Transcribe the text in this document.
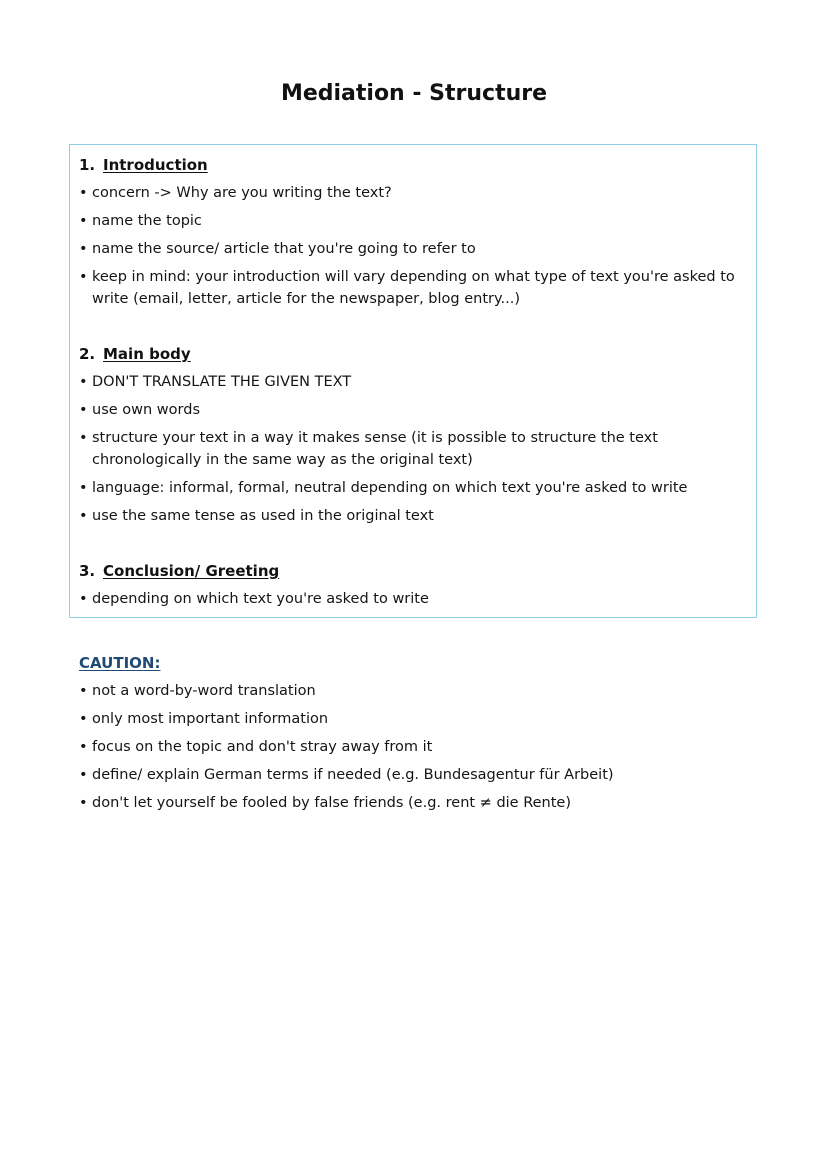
Mediation - Structure
1. Introduction
• concern -> Why are you writing the text?
• name the topic
• name the source/ article that you're going to refer to
• keep in mind: your introduction will vary depending on what type of text you're asked to write (email, letter, article for the newspaper, blog entry...)
2. Main body
• DON'T TRANSLATE THE GIVEN TEXT
• use own words
• structure your text in a way it makes sense (it is possible to structure the text chronologically in the same way as the original text)
• language: informal, formal, neutral depending on which text you're asked to write
• use the same tense as used in the original text
3. Conclusion/ Greeting
• depending on which text you're asked to write
CAUTION:
• not a word-by-word translation
• only most important information
• focus on the topic and don't stray away from it
• define/ explain German terms if needed (e.g. Bundesagentur für Arbeit)
• don't let yourself be fooled by false friends (e.g. rent ≠ die Rente)
